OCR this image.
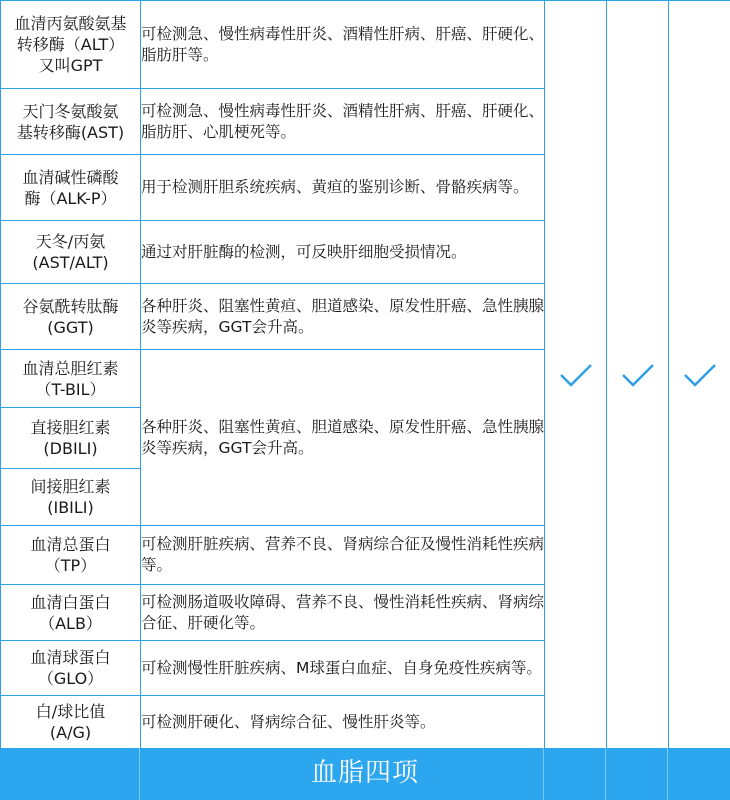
血清丙氨酸氨基
转移酶（ALT）
又叫GPT	可检测急、慢性病毒性肝炎、酒精性肝病、肝癌、肝硬化、脂肪肝等。	

天门冬氨酸氨
基转移酶(AST)	可检测急、慢性病毒性肝炎、酒精性肝病、肝癌、肝硬化、脂肪肝、心肌梗死等。			

血清碱性磷酸
酶（ALK-P）	用于检测肝胆系统疾病、黄疸的鉴别诊断、骨骼疾病等。			

天冬/丙氨
(AST/ALT)	通过对肝脏酶的检测，可反映肝细胞受损情况。			

谷氨酰转肽酶
(GGT)	各种肝炎、阻塞性黄疸、胆道感染、原发性肝癌、急性胰腺炎等疾病，GGT会升高。			

血清总胆红素
（T-BIL）	各种肝炎、阻塞性黄疸、胆道感染、原发性肝癌、急性胰腺炎等疾病，GGT会升高。			

直接胆红素
(DBILI)				

间接胆红素
(IBILI)				

血清总蛋白
（TP）	可检测肝脏疾病、营养不良、肾病综合征及慢性消耗性疾病等。			

血清白蛋白
（ALB）	可检测肠道吸收障碍、营养不良、慢性消耗性疾病、肾病综合征、肝硬化等。			

血清球蛋白
（GLO）	可检测慢性肝脏疾病、M球蛋白血症、自身免疫性疾病等。			

白/球比值
(A/G)	可检测肝硬化、肾病综合征、慢性肝炎等。			
血脂四项
